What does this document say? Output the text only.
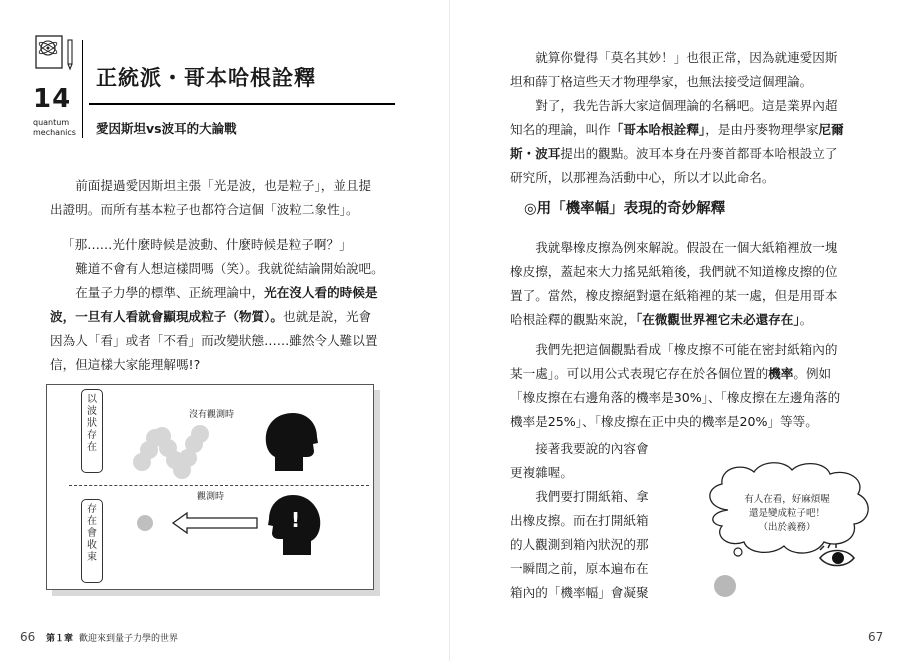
14
quantum
mechanics
正統派・哥本哈根詮釋
愛因斯坦vs波耳的大論戰
前面提過愛因斯坦主張「光是波，也是粒子」，並且提出證明。而所有基本粒子也都符合這個「波粒二象性」。
「那……光什麼時候是波動、什麼時候是粒子啊？」
難道不會有人想這樣問嗎（笑）。我就從結論開始說吧。
在量子力學的標準、正統理論中，光在沒人看的時候是波，一旦有人看就會顯現成粒子（物質）。也就是說，光會因為人「看」或者「不看」而改變狀態……雖然令人難以置信，但這樣大家能理解嗎!?
以
波
狀
存
在
存
在
會
收
束
沒有觀測時
觀測時
!
66 第１章 歡迎來到量子力學的世界
就算你覺得「莫名其妙！」也很正常，因為就連愛因斯坦和薛丁格這些天才物理學家，也無法接受這個理論。
對了，我先告訴大家這個理論的名稱吧。這是業界內超知名的理論，叫作「哥本哈根詮釋」，是由丹麥物理學家尼爾斯・波耳提出的觀點。波耳本身在丹麥首都哥本哈根設立了研究所，以那裡為活動中心，所以才以此命名。
◎用「機率幅」表現的奇妙解釋
我就舉橡皮擦為例來解說。假設在一個大紙箱裡放一塊橡皮擦，蓋起來大力搖晃紙箱後，我們就不知道橡皮擦的位置了。當然，橡皮擦絕對還在紙箱裡的某一處，但是用哥本哈根詮釋的觀點來說，「在微觀世界裡它未必還存在」。
我們先把這個觀點看成「橡皮擦不可能在密封紙箱內的某一處」。可以用公式表現它存在於各個位置的機率。例如「橡皮擦在右邊角落的機率是30%」、「橡皮擦在左邊角落的機率是25%」、「橡皮擦在正中央的機率是20%」等等。
接著我要說的內容會
更複雜喔。
我們要打開紙箱、拿
出橡皮擦。而在打開紙箱
的人觀測到箱內狀況的那
一瞬間之前，原本遍布在
箱內的「機率幅」會凝聚
有人在看，好麻煩喔
還是變成粒子吧！
（出於義務）
67
